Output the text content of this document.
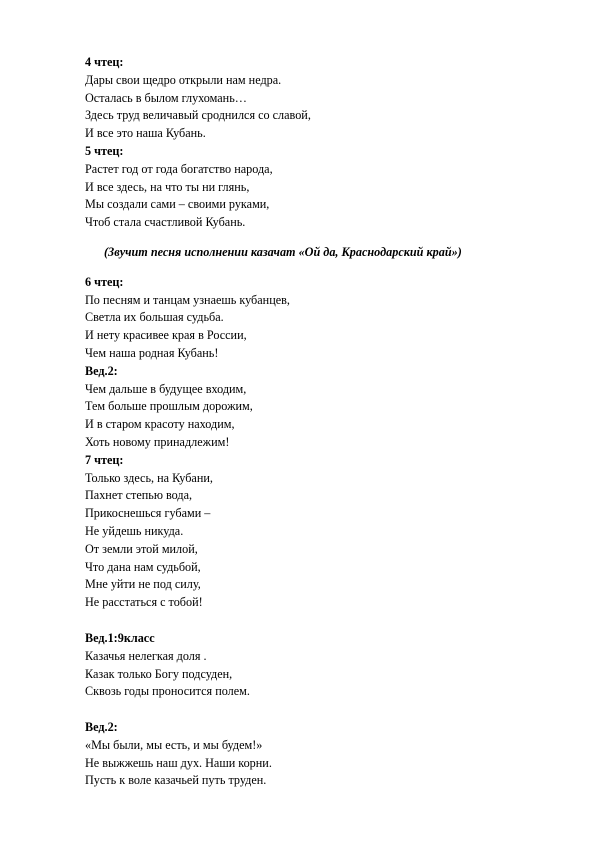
4 чтец:
Дары свои щедро открыли нам недра.
Осталась в былом глухомань…
Здесь труд величавый сроднился со славой,
И все это наша Кубань.
5 чтец:
Растет год от года богатство народа,
И все здесь, на что ты ни глянь,
Мы создали сами – своими руками,
Чтоб стала счастливой Кубань.
(Звучит песня исполнении казачат «Ой да, Краснодарский край»)
6 чтец:
По песням и танцам узнаешь кубанцев,
Светла их большая судьба.
И нету красивее края в России,
Чем наша родная Кубань!
Вед.2:
Чем дальше в будущее входим,
Тем больше прошлым дорожим,
И в старом красоту находим,
Хоть новому принадлежим!
7 чтец:
Только здесь, на Кубани,
Пахнет степью вода,
Прикоснешься губами –
Не уйдешь никуда.
От земли этой милой,
Что дана нам судьбой,
Мне уйти не под силу,
Не расстаться с тобой!
Вед.1:9класс
Казачья нелегкая доля .
Казак только Богу подсуден,
Сквозь годы проносится полем.
Вед.2:
«Мы были, мы есть, и мы будем!»
Не выжжешь наш дух. Наши корни.
Пусть к воле казачьей путь труден.
